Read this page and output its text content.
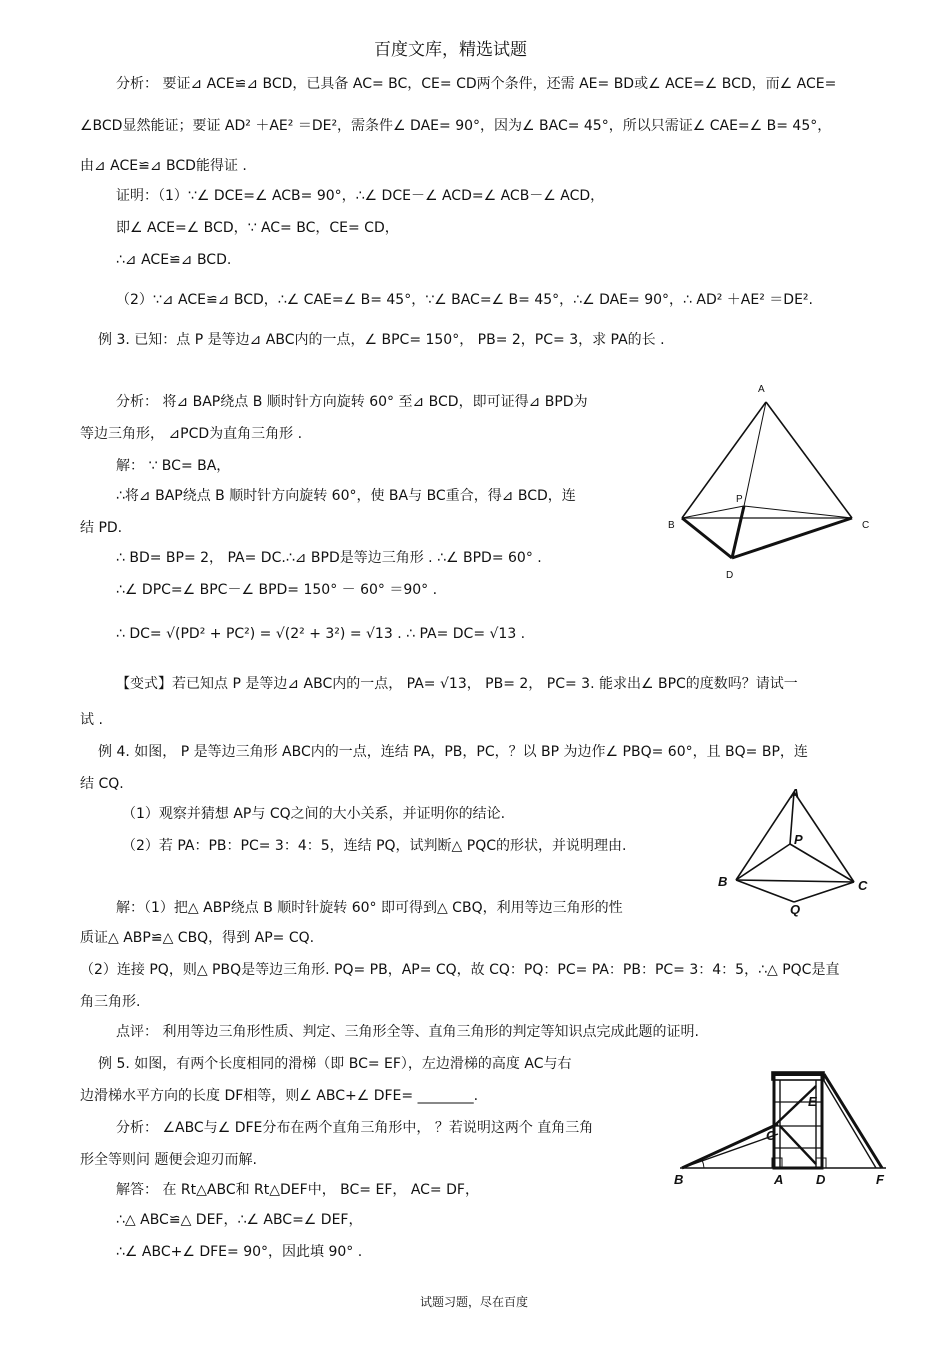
百度文库，精选试题
分析： 要证⊿ ACE≌⊿ BCD，已具备 AC= BC，CE= CD两个条件，还需 AE= BD或∠ ACE=∠ BCD，而∠ ACE=
∠BCD显然能证；要证 AD² ＋AE² ＝DE²，需条件∠ DAE= 90°，因为∠ BAC= 45°，所以只需证∠ CAE=∠ B= 45°，
由⊿ ACE≌⊿ BCD能得证 .
证明：（1）∵∠ DCE=∠ ACB= 90°，∴∠ DCE－∠ ACD=∠ ACB－∠ ACD，
即∠ ACE=∠ BCD，∵ AC= BC，CE= CD，
∴⊿ ACE≌⊿ BCD.
（2）∵⊿ ACE≌⊿ BCD，∴∠ CAE=∠ B= 45°，∵∠ BAC=∠ B= 45°，∴∠ DAE= 90°，∴ AD² ＋AE² ＝DE².
例 3. 已知：点 P 是等边⊿ ABC内的一点，∠ BPC= 150°， PB= 2，PC= 3，求 PA的长 .
分析： 将⊿ BAP绕点 B 顺时针方向旋转 60° 至⊿ BCD，即可证得⊿ BPD为
等边三角形， ⊿PCD为直角三角形 .
解： ∵ BC= BA，
∴将⊿ BAP绕点 B 顺时针方向旋转 60°，使 BA与 BC重合，得⊿ BCD，连
结 PD.
∴ BD= BP= 2， PA= DC.∴⊿ BPD是等边三角形 . ∴∠ BPD= 60° .
∴∠ DPC=∠ BPC－∠ BPD= 150° － 60° ＝90° .
∴ DC= √(PD² + PC²) = √(2² + 3²) = √13 . ∴ PA= DC= √13 .
【变式】若已知点 P 是等边⊿ ABC内的一点， PA= √13， PB= 2， PC= 3. 能求出∠ BPC的度数吗？请试一
试 .
例 4. 如图， P 是等边三角形 ABC内的一点，连结 PA，PB，PC，？以 BP 为边作∠ PBQ= 60°，且 BQ= BP，连
结 CQ.
（1）观察并猜想 AP与 CQ之间的大小关系，并证明你的结论.
（2）若 PA：PB：PC= 3：4：5，连结 PQ，试判断△ PQC的形状，并说明理由.
解：（1）把△ ABP绕点 B 顺时针旋转 60° 即可得到△ CBQ，利用等边三角形的性
质证△ ABP≌△ CBQ，得到 AP= CQ.
（2）连接 PQ，则△ PBQ是等边三角形. PQ= PB，AP= CQ，故 CQ：PQ：PC= PA：PB：PC= 3：4：5，∴△ PQC是直
角三角形.
点评： 利用等边三角形性质、判定、三角形全等、直角三角形的判定等知识点完成此题的证明.
例 5. 如图，有两个长度相同的滑梯（即 BC= EF），左边滑梯的高度 AC与右
边滑梯水平方向的长度 DF相等，则∠ ABC+∠ DFE= ________.
分析： ∠ABC与∠ DFE分布在两个直角三角形中， ？若说明这两个 直角三角
形全等则问 题便会迎刃而解.
解答： 在 Rt△ABC和 Rt△DEF中， BC= EF， AC= DF，
∴△ ABC≌△ DEF，∴∠ ABC=∠ DEF，
∴∠ ABC+∠ DFE= 90°，因此填 90° .
A
B	C
P
D
A
B	C
P
Q
B	A
C
E
D	F
试题习题，尽在百度
